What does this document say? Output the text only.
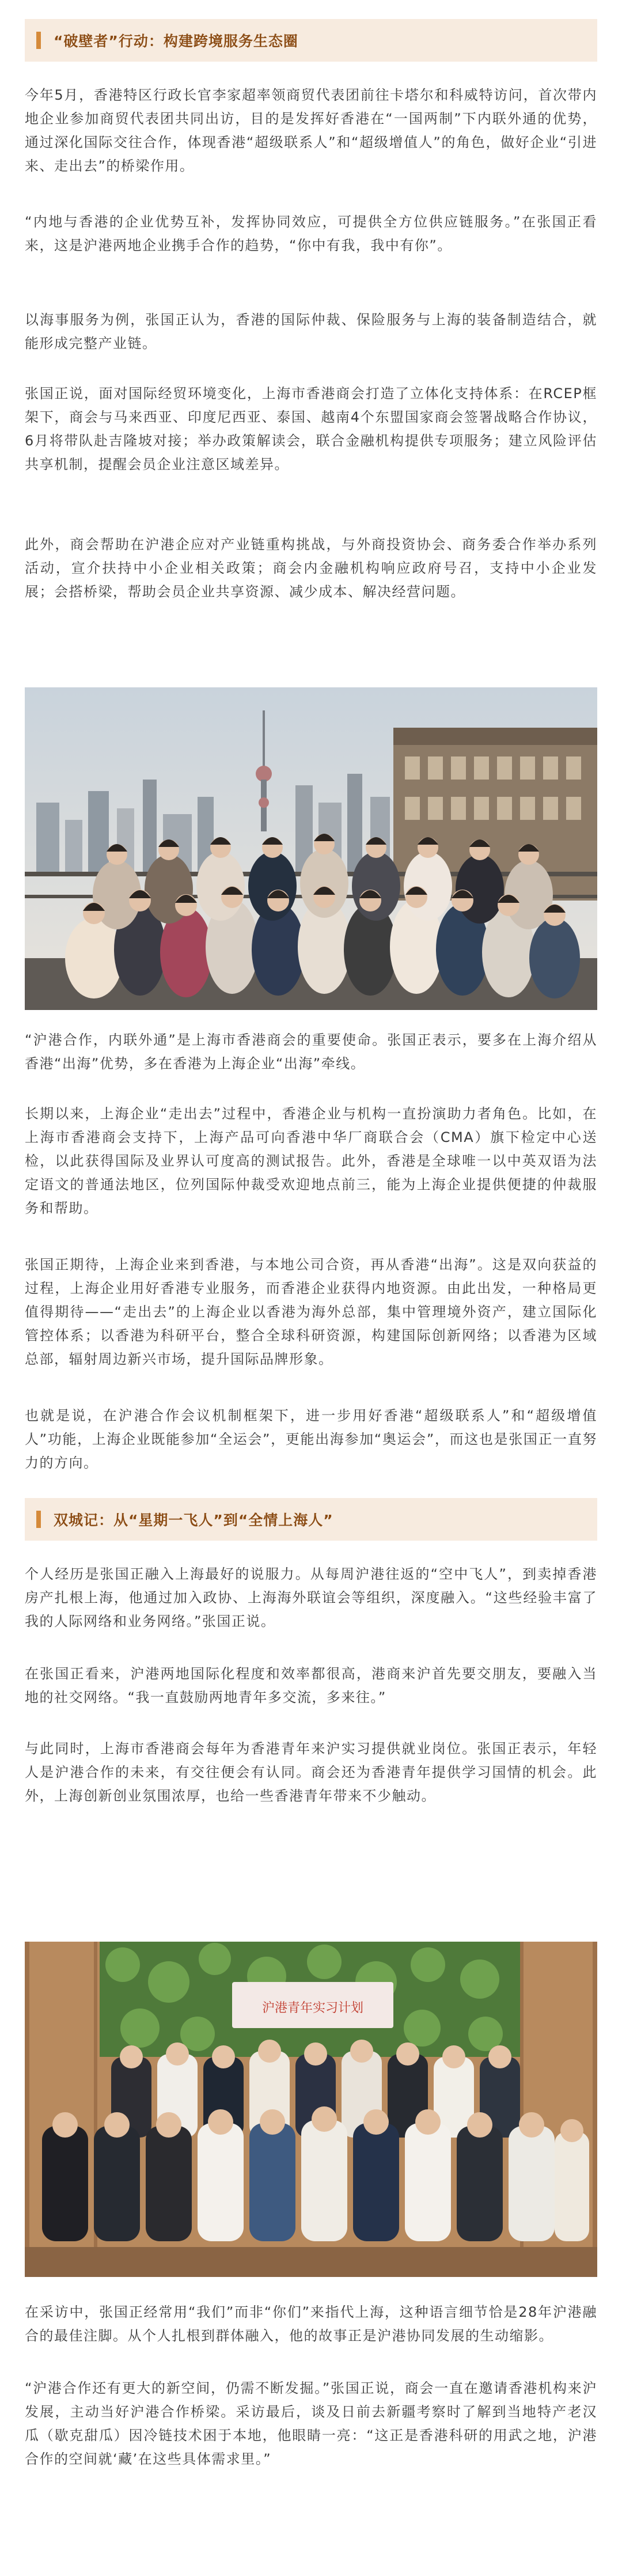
“破壁者”行动：构建跨境服务生态圈

今年5月，香港特区行政长官李家超率领商贸代表团前往卡塔尔和科威特访问，首次带内地企业参加商贸代表团共同出访，目的是发挥好香港在“一国两制”下内联外通的优势，通过深化国际交往合作，体现香港“超级联系人”和“超级增值人”的角色，做好企业“引进来、走出去”的桥梁作用。

“内地与香港的企业优势互补，发挥协同效应，可提供全方位供应链服务。”在张国正看来，这是沪港两地企业携手合作的趋势，“你中有我，我中有你”。

以海事服务为例，张国正认为，香港的国际仲裁、保险服务与上海的装备制造结合，就能形成完整产业链。

张国正说，面对国际经贸环境变化，上海市香港商会打造了立体化支持体系：在RCEP框架下，商会与马来西亚、印度尼西亚、泰国、越南4个东盟国家商会签署战略合作协议，6月将带队赴吉隆坡对接；举办政策解读会，联合金融机构提供专项服务；建立风险评估共享机制，提醒会员企业注意区域差异。

此外，商会帮助在沪港企应对产业链重构挑战，与外商投资协会、商务委合作举办系列活动，宣介扶持中小企业相关政策；商会内金融机构响应政府号召，支持中小企业发展；会搭桥梁，帮助会员企业共享资源、减少成本、解决经营问题。

“沪港合作，内联外通”是上海市香港商会的重要使命。张国正表示，要多在上海介绍从香港“出海”优势，多在香港为上海企业“出海”牵线。

长期以来，上海企业“走出去”过程中，香港企业与机构一直扮演助力者角色。比如，在上海市香港商会支持下，上海产品可向香港中华厂商联合会（CMA）旗下检定中心送检，以此获得国际及业界认可度高的测试报告。此外，香港是全球唯一以中英双语为法定语文的普通法地区，位列国际仲裁受欢迎地点前三，能为上海企业提供便捷的仲裁服务和帮助。

张国正期待，上海企业来到香港，与本地公司合资，再从香港“出海”。这是双向获益的过程，上海企业用好香港专业服务，而香港企业获得内地资源。由此出发，一种格局更值得期待——“走出去”的上海企业以香港为海外总部，集中管理境外资产，建立国际化管控体系；以香港为科研平台，整合全球科研资源，构建国际创新网络；以香港为区域总部，辐射周边新兴市场，提升国际品牌形象。

也就是说，在沪港合作会议机制框架下，进一步用好香港“超级联系人”和“超级增值人”功能，上海企业既能参加“全运会”，更能出海参加“奥运会”，而这也是张国正一直努力的方向。

双城记：从“星期一飞人”到“全情上海人”

个人经历是张国正融入上海最好的说服力。从每周沪港往返的“空中飞人”，到卖掉香港房产扎根上海，他通过加入政协、上海海外联谊会等组织，深度融入。“这些经验丰富了我的人际网络和业务网络。”张国正说。

在张国正看来，沪港两地国际化程度和效率都很高，港商来沪首先要交朋友，要融入当地的社交网络。“我一直鼓励两地青年多交流，多来往。”

与此同时，上海市香港商会每年为香港青年来沪实习提供就业岗位。张国正表示，年轻人是沪港合作的未来，有交往便会有认同。商会还为香港青年提供学习国情的机会。此外，上海创新创业氛围浓厚，也给一些香港青年带来不少触动。

沪港青年实习计划

在采访中，张国正经常用“我们”而非“你们”来指代上海，这种语言细节恰是28年沪港融合的最佳注脚。从个人扎根到群体融入，他的故事正是沪港协同发展的生动缩影。

“沪港合作还有更大的新空间，仍需不断发掘。”张国正说，商会一直在邀请香港机构来沪发展，主动当好沪港合作桥梁。采访最后，谈及日前去新疆考察时了解到当地特产老汉瓜（歇克甜瓜）因冷链技术困于本地，他眼睛一亮：“这正是香港科研的用武之地，沪港合作的空间就‘藏’在这些具体需求里。”
